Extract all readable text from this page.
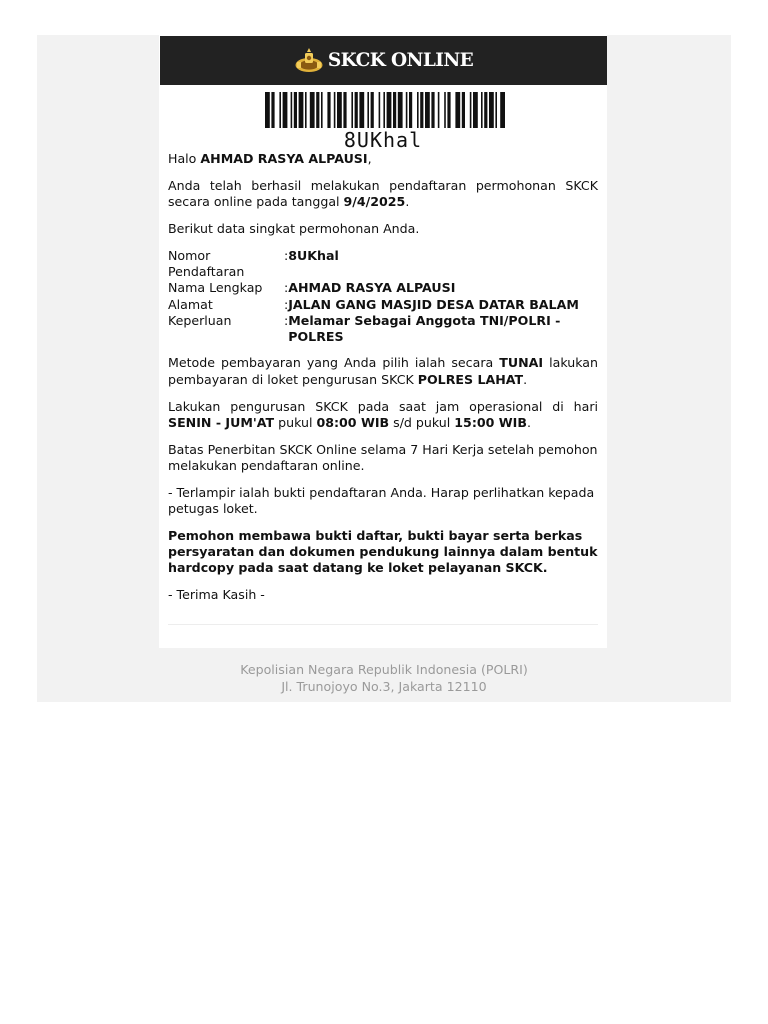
SKCK ONLINE
8UKhal

Halo AHMAD RASYA ALPAUSI,

Anda telah berhasil melakukan pendaftaran permohonan SKCK secara online pada tanggal 9/4/2025.

Berikut data singkat permohonan Anda.

Nomor Pendaftaran
: 8UKhal
Nama Lengkap	: AHMAD RASYA ALPAUSI
Alamat	: JALAN GANG MASJID DESA DATAR BALAM
Keperluan	: Melamar Sebagai Anggota TNI/POLRI - POLRES

Metode pembayaran yang Anda pilih ialah secara TUNAI lakukan pembayaran di loket pengurusan SKCK POLRES LAHAT.

Lakukan pengurusan SKCK pada saat jam operasional di hari SENIN - JUM'AT pukul 08:00 WIB s/d pukul 15:00 WIB.

Batas Penerbitan SKCK Online selama 7 Hari Kerja setelah pemohon melakukan pendaftaran online.

- Terlampir ialah bukti pendaftaran Anda. Harap perlihatkan kepada petugas loket.

Pemohon membawa bukti daftar, bukti bayar serta berkas persyaratan dan dokumen pendukung lainnya dalam bentuk hardcopy pada saat datang ke loket pelayanan SKCK.

- Terima Kasih -

Kepolisian Negara Republik Indonesia (POLRI)
Jl. Trunojoyo No.3, Jakarta 12110
